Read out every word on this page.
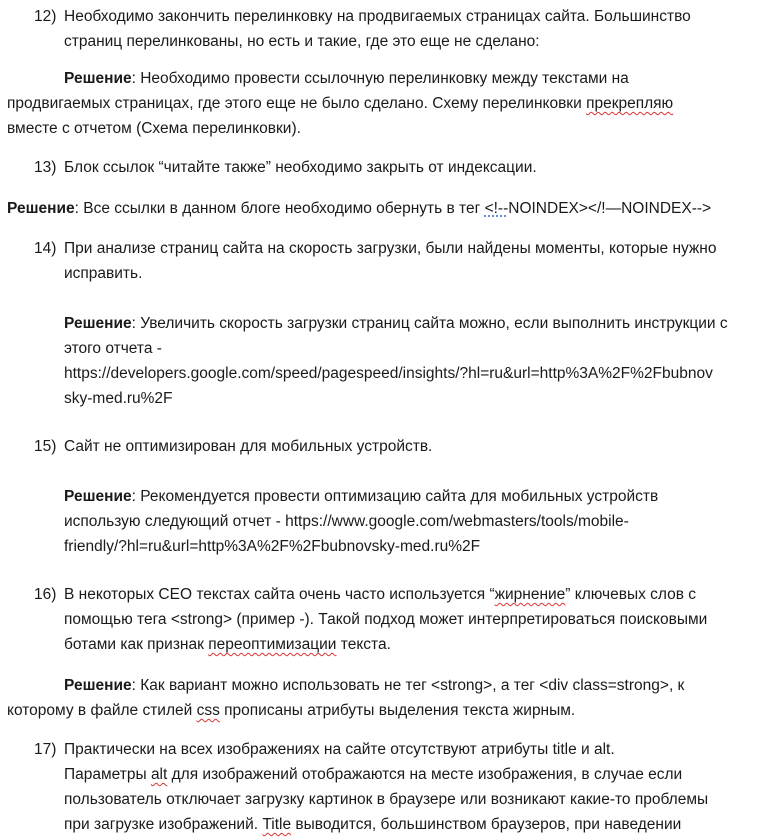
12) Необходимо закончить перелинковку на продвигаемых страницах сайта. Большинство
страниц перелинкованы, но есть и такие, где это еще не сделано:
Решение: Необходимо провести ссылочную перелинковку между текстами на
продвигаемых страницах, где этого еще не было сделано. Схему перелинковки прекрепляю
вместе с отчетом (Схема перелинковки).
13) Блок ссылок “читайте также” необходимо закрыть от индексации.
Решение: Все ссылки в данном блоге необходимо обернуть в тег <!--NOINDEX></!—NOINDEX-->
14) При анализе страниц сайта на скорость загрузки, были найдены моменты, которые нужно
исправить.
Решение: Увеличить скорость загрузки страниц сайта можно, если выполнить инструкции с
этого отчета -
https://developers.google.com/speed/pagespeed/insights/?hl=ru&url=http%3A%2F%2Fbubnov
sky-med.ru%2F
15) Сайт не оптимизирован для мобильных устройств.
Решение: Рекомендуется провести оптимизацию сайта для мобильных устройств
использую следующий отчет - https://www.google.com/webmasters/tools/mobile-
friendly/?hl=ru&url=http%3A%2F%2Fbubnovsky-med.ru%2F
16) В некоторых СЕО текстах сайта очень часто используется “жирнение” ключевых слов с
помощью тега <strong> (пример -). Такой подход может интерпретироваться поисковыми
ботами как признак переоптимизации текста.
Решение: Как вариант можно использовать не тег <strong>, а тег <div class=strong>, к
которому в файле стилей css прописаны атрибуты выделения текста жирным.
17) Практически на всех изображениях на сайте отсутствуют атрибуты title и alt.
Параметры alt для изображений отображаются на месте изображения, в случае если
пользователь отключает загрузку картинок в браузере или возникают какие-то проблемы
при загрузке изображений. Title выводится, большинством браузеров, при наведении
